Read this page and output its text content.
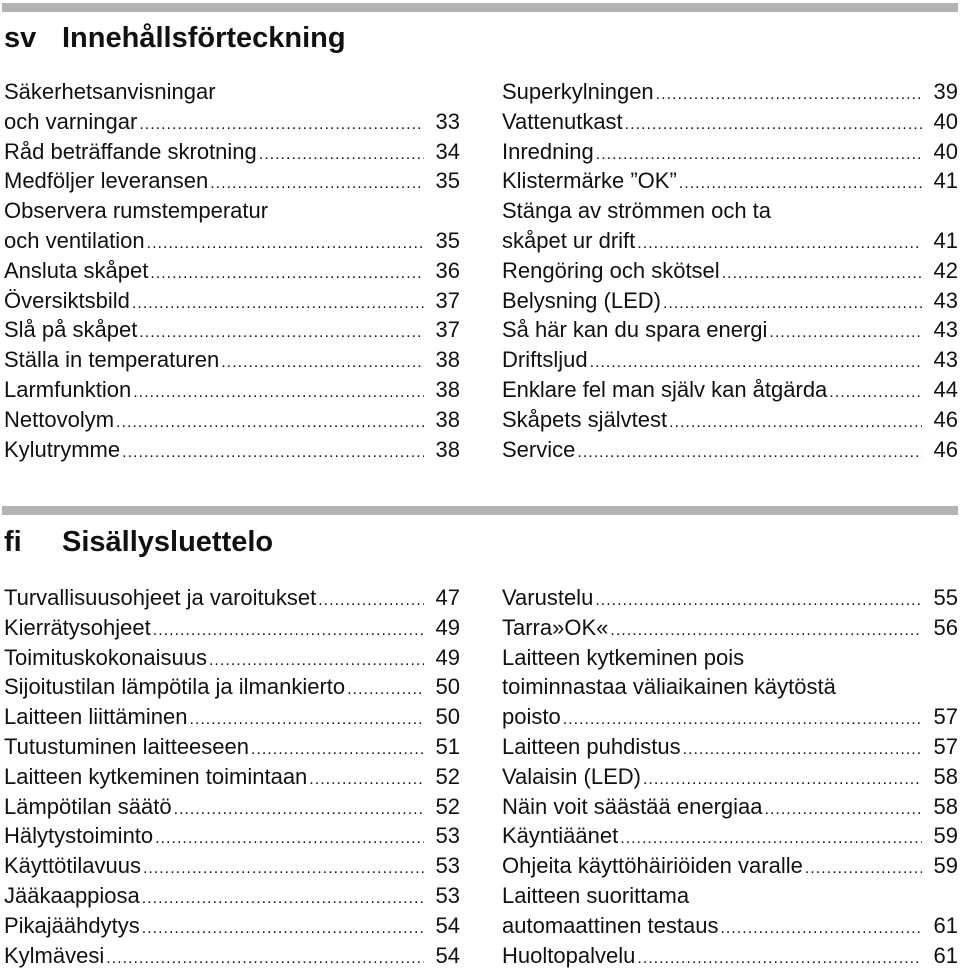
sv Innehållsförteckning
Säkerhetsanvisningar
och varningar .....	33
Råd beträffande skrotning .....	34
Medföljer leveransen .....	35
Observera rumstemperatur
och ventilation .....	35
Ansluta skåpet .....	36
Översiktsbild .....	37
Slå på skåpet .....	37
Ställa in temperaturen .....	38
Larmfunktion .....	38
Nettovolym .....	38
Kylutrymme .....	38
Superkylningen .....	39
Vattenutkast .....	40
Inredning .....	40
Klistermärke ”OK” .....	41
Stänga av strömmen och ta
skåpet ur drift .....	41
Rengöring och skötsel .....	42
Belysning (LED) .....	43
Så här kan du spara energi .....	43
Driftsljud .....	43
Enklare fel man själv kan åtgärda .....	44
Skåpets självtest .....	46
Service .....	46
fi Sisällysluettelo
Turvallisuusohjeet ja varoitukset .....	47
Kierrätysohjeet .....	49
Toimituskokonaisuus .....	49
Sijoitustilan lämpötila ja ilmankierto .....	50
Laitteen liittäminen .....	50
Tutustuminen laitteeseen .....	51
Laitteen kytkeminen toimintaan .....	52
Lämpötilan säätö .....	52
Hälytystoiminto .....	53
Käyttötilavuus .....	53
Jääkaappiosa .....	53
Pikajäähdytys .....	54
Kylmävesi .....	54
Varustelu .....	55
Tarra»OK« .....	56
Laitteen kytkeminen pois
toiminnastaa väliaikainen käytöstä
poisto .....	57
Laitteen puhdistus .....	57
Valaisin (LED) .....	58
Näin voit säästää energiaa .....	58
Käyntiäänet .....	59
Ohjeita käyttöhäiriöiden varalle .....	59
Laitteen suorittama
automaattinen testaus .....	61
Huoltopalvelu .....	61
